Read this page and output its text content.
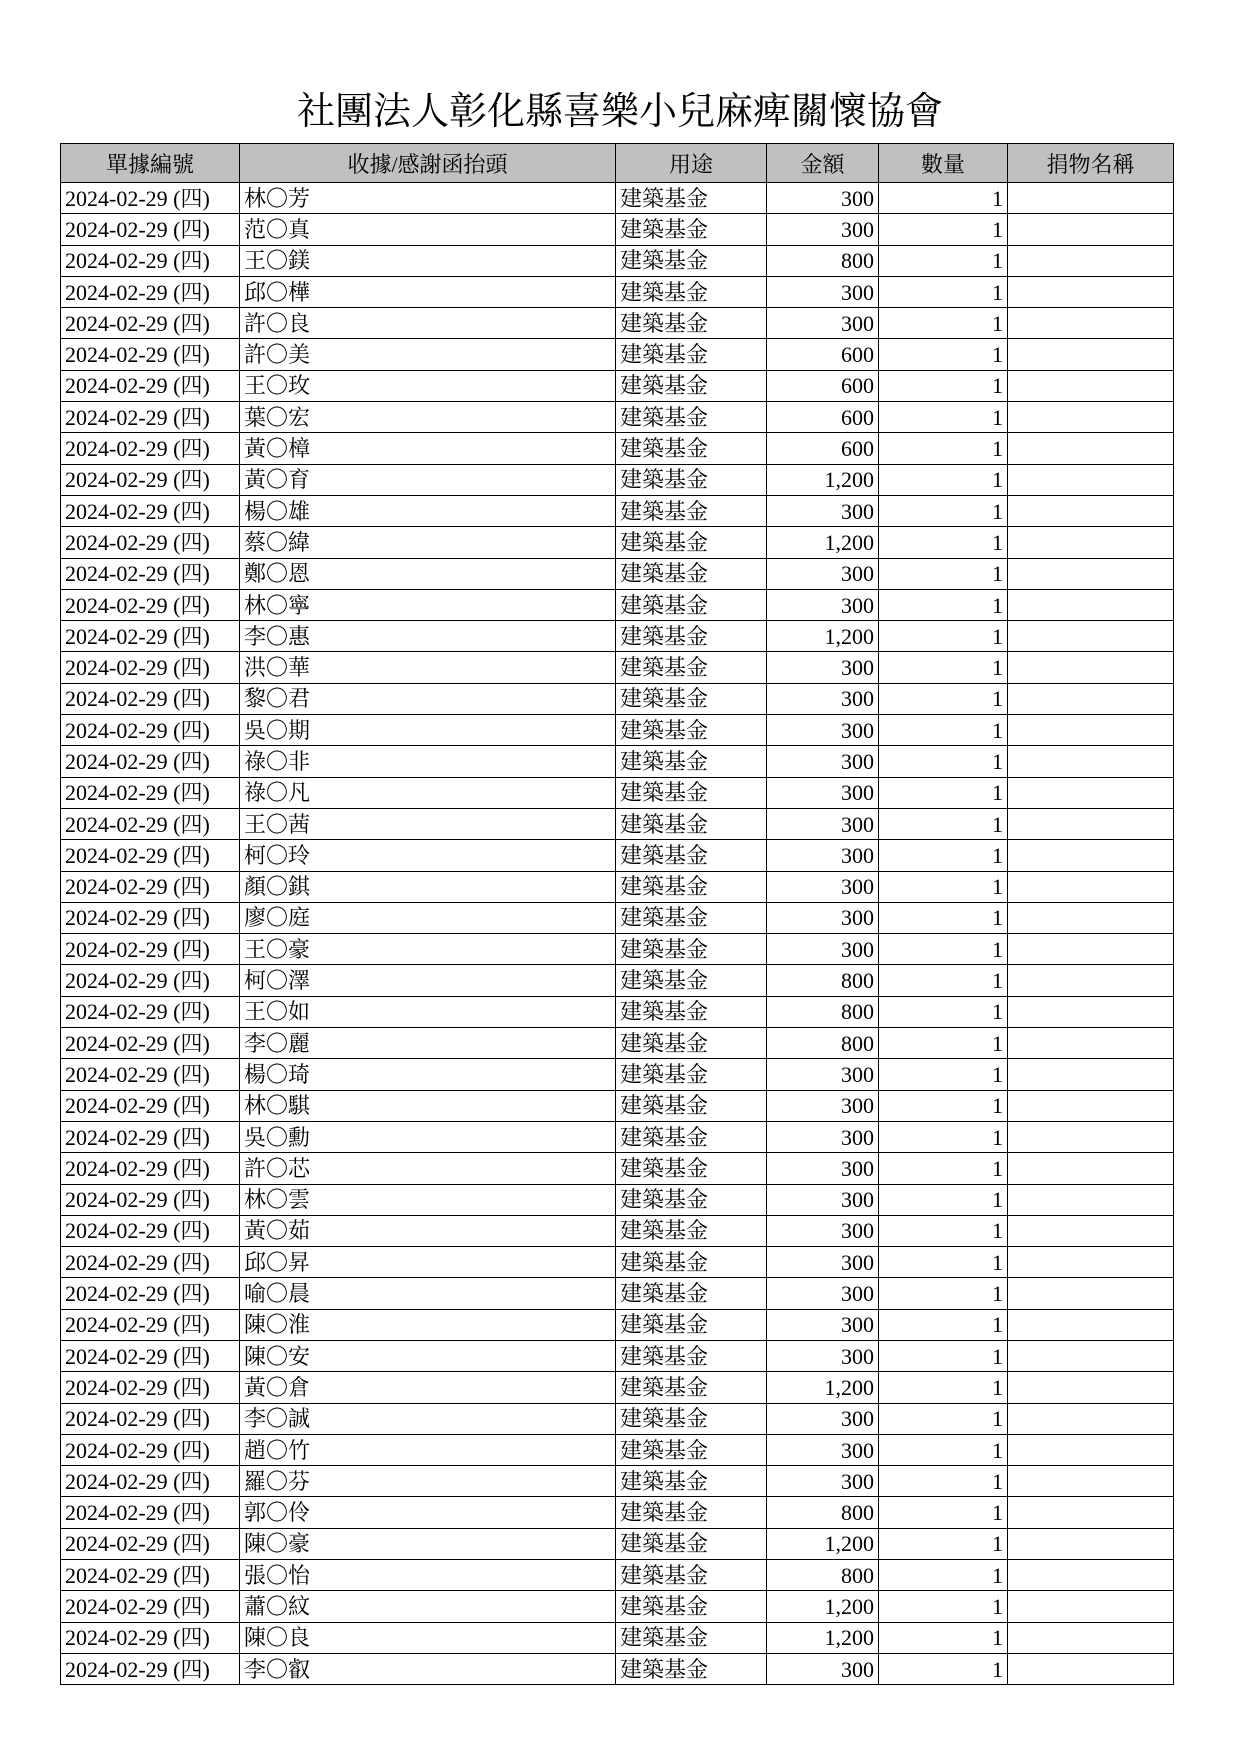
社團法人彰化縣喜樂小兒麻痺關懷協會
單據編號	收據/感謝函抬頭	用途	金額	數量	捐物名稱
2024-02-29 (四)	林〇芳	建築基金	300	1	
2024-02-29 (四)	范〇真	建築基金	300	1	
2024-02-29 (四)	王〇鎂	建築基金	800	1	
2024-02-29 (四)	邱〇樺	建築基金	300	1	
2024-02-29 (四)	許〇良	建築基金	300	1	
2024-02-29 (四)	許〇美	建築基金	600	1	
2024-02-29 (四)	王〇玫	建築基金	600	1	
2024-02-29 (四)	葉〇宏	建築基金	600	1	
2024-02-29 (四)	黃〇樟	建築基金	600	1	
2024-02-29 (四)	黃〇育	建築基金	1,200	1	
2024-02-29 (四)	楊〇雄	建築基金	300	1	
2024-02-29 (四)	蔡〇緯	建築基金	1,200	1	
2024-02-29 (四)	鄭〇恩	建築基金	300	1	
2024-02-29 (四)	林〇寧	建築基金	300	1	
2024-02-29 (四)	李〇惠	建築基金	1,200	1	
2024-02-29 (四)	洪〇華	建築基金	300	1	
2024-02-29 (四)	黎〇君	建築基金	300	1	
2024-02-29 (四)	吳〇期	建築基金	300	1	
2024-02-29 (四)	祿〇非	建築基金	300	1	
2024-02-29 (四)	祿〇凡	建築基金	300	1	
2024-02-29 (四)	王〇茜	建築基金	300	1	
2024-02-29 (四)	柯〇玲	建築基金	300	1	
2024-02-29 (四)	顏〇錤	建築基金	300	1	
2024-02-29 (四)	廖〇庭	建築基金	300	1	
2024-02-29 (四)	王〇豪	建築基金	300	1	
2024-02-29 (四)	柯〇澤	建築基金	800	1	
2024-02-29 (四)	王〇如	建築基金	800	1	
2024-02-29 (四)	李〇麗	建築基金	800	1	
2024-02-29 (四)	楊〇琦	建築基金	300	1	
2024-02-29 (四)	林〇騏	建築基金	300	1	
2024-02-29 (四)	吳〇勳	建築基金	300	1	
2024-02-29 (四)	許〇芯	建築基金	300	1	
2024-02-29 (四)	林〇雲	建築基金	300	1	
2024-02-29 (四)	黃〇茹	建築基金	300	1	
2024-02-29 (四)	邱〇昇	建築基金	300	1	
2024-02-29 (四)	喻〇晨	建築基金	300	1	
2024-02-29 (四)	陳〇淮	建築基金	300	1	
2024-02-29 (四)	陳〇安	建築基金	300	1	
2024-02-29 (四)	黃〇倉	建築基金	1,200	1	
2024-02-29 (四)	李〇誠	建築基金	300	1	
2024-02-29 (四)	趙〇竹	建築基金	300	1	
2024-02-29 (四)	羅〇芬	建築基金	300	1	
2024-02-29 (四)	郭〇伶	建築基金	800	1	
2024-02-29 (四)	陳〇豪	建築基金	1,200	1	
2024-02-29 (四)	張〇怡	建築基金	800	1	
2024-02-29 (四)	蕭〇紋	建築基金	1,200	1	
2024-02-29 (四)	陳〇良	建築基金	1,200	1	
2024-02-29 (四)	李〇叡	建築基金	300	1	
